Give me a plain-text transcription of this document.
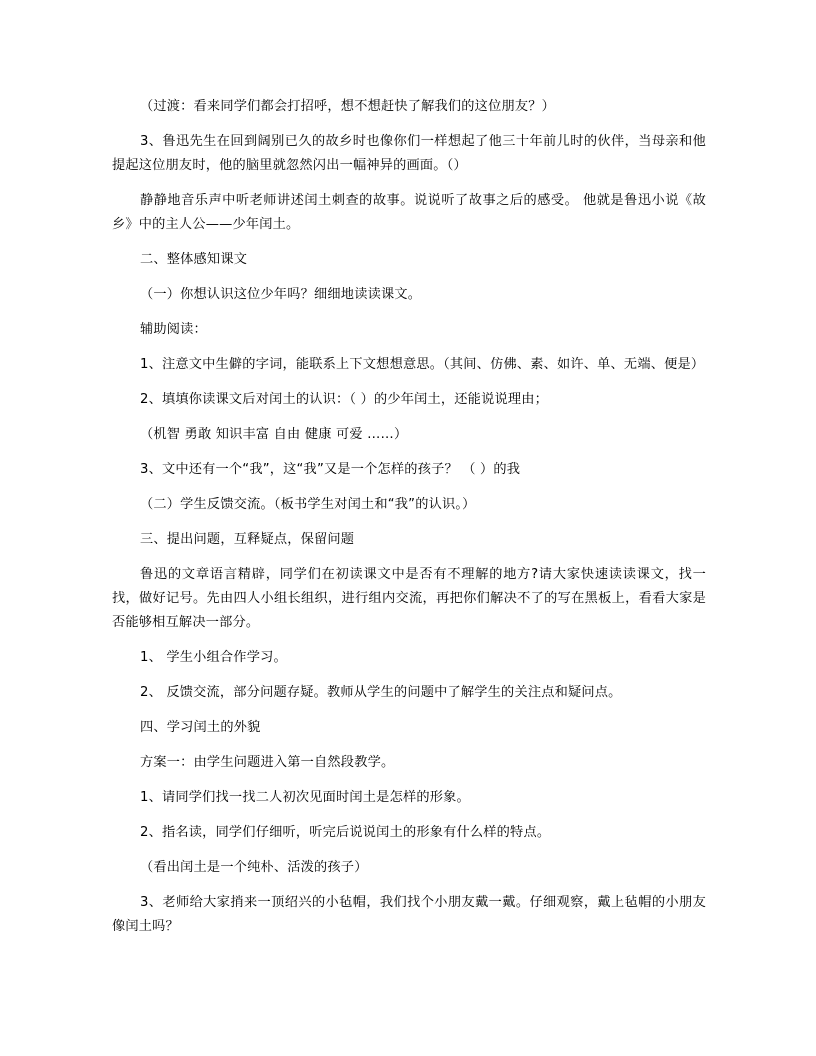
（过渡：看来同学们都会打招呼，想不想赶快了解我们的这位朋友？）

3、鲁迅先生在回到阔别已久的故乡时也像你们一样想起了他三十年前儿时的伙伴，当母亲和他提起这位朋友时，他的脑里就忽然闪出一幅神异的画面。（）

静静地音乐声中听老师讲述闰土刺查的故事。说说听了故事之后的感受。 他就是鲁迅小说《故乡》中的主人公——少年闰土。

二、整体感知课文

（一）你想认识这位少年吗？细细地读读课文。

辅助阅读：

1、注意文中生僻的字词，能联系上下文想想意思。（其间、仿佛、素、如许、单、无端、便是）

2、填填你读课文后对闰土的认识：（ ）的少年闰土，还能说说理由；

（机智 勇敢 知识丰富 自由 健康 可爱 ……）

3、文中还有一个“我”，这“我”又是一个怎样的孩子？ （ ）的我

（二）学生反馈交流。（板书学生对闰土和“我”的认识。）

三、提出问题，互释疑点，保留问题

鲁迅的文章语言精辟，同学们在初读课文中是否有不理解的地方?请大家快速读读课文，找一找，做好记号。先由四人小组长组织，进行组内交流，再把你们解决不了的写在黑板上，看看大家是否能够相互解决一部分。

1、 学生小组合作学习。

2、 反馈交流，部分问题存疑。教师从学生的问题中了解学生的关注点和疑问点。

四、学习闰土的外貌

方案一：由学生问题进入第一自然段教学。

1、请同学们找一找二人初次见面时闰土是怎样的形象。

2、指名读，同学们仔细听，听完后说说闰土的形象有什么样的特点。

（看出闰土是一个纯朴、活泼的孩子）

3、老师给大家捎来一顶绍兴的小毡帽，我们找个小朋友戴一戴。仔细观察，戴上毡帽的小朋友像闰土吗？
